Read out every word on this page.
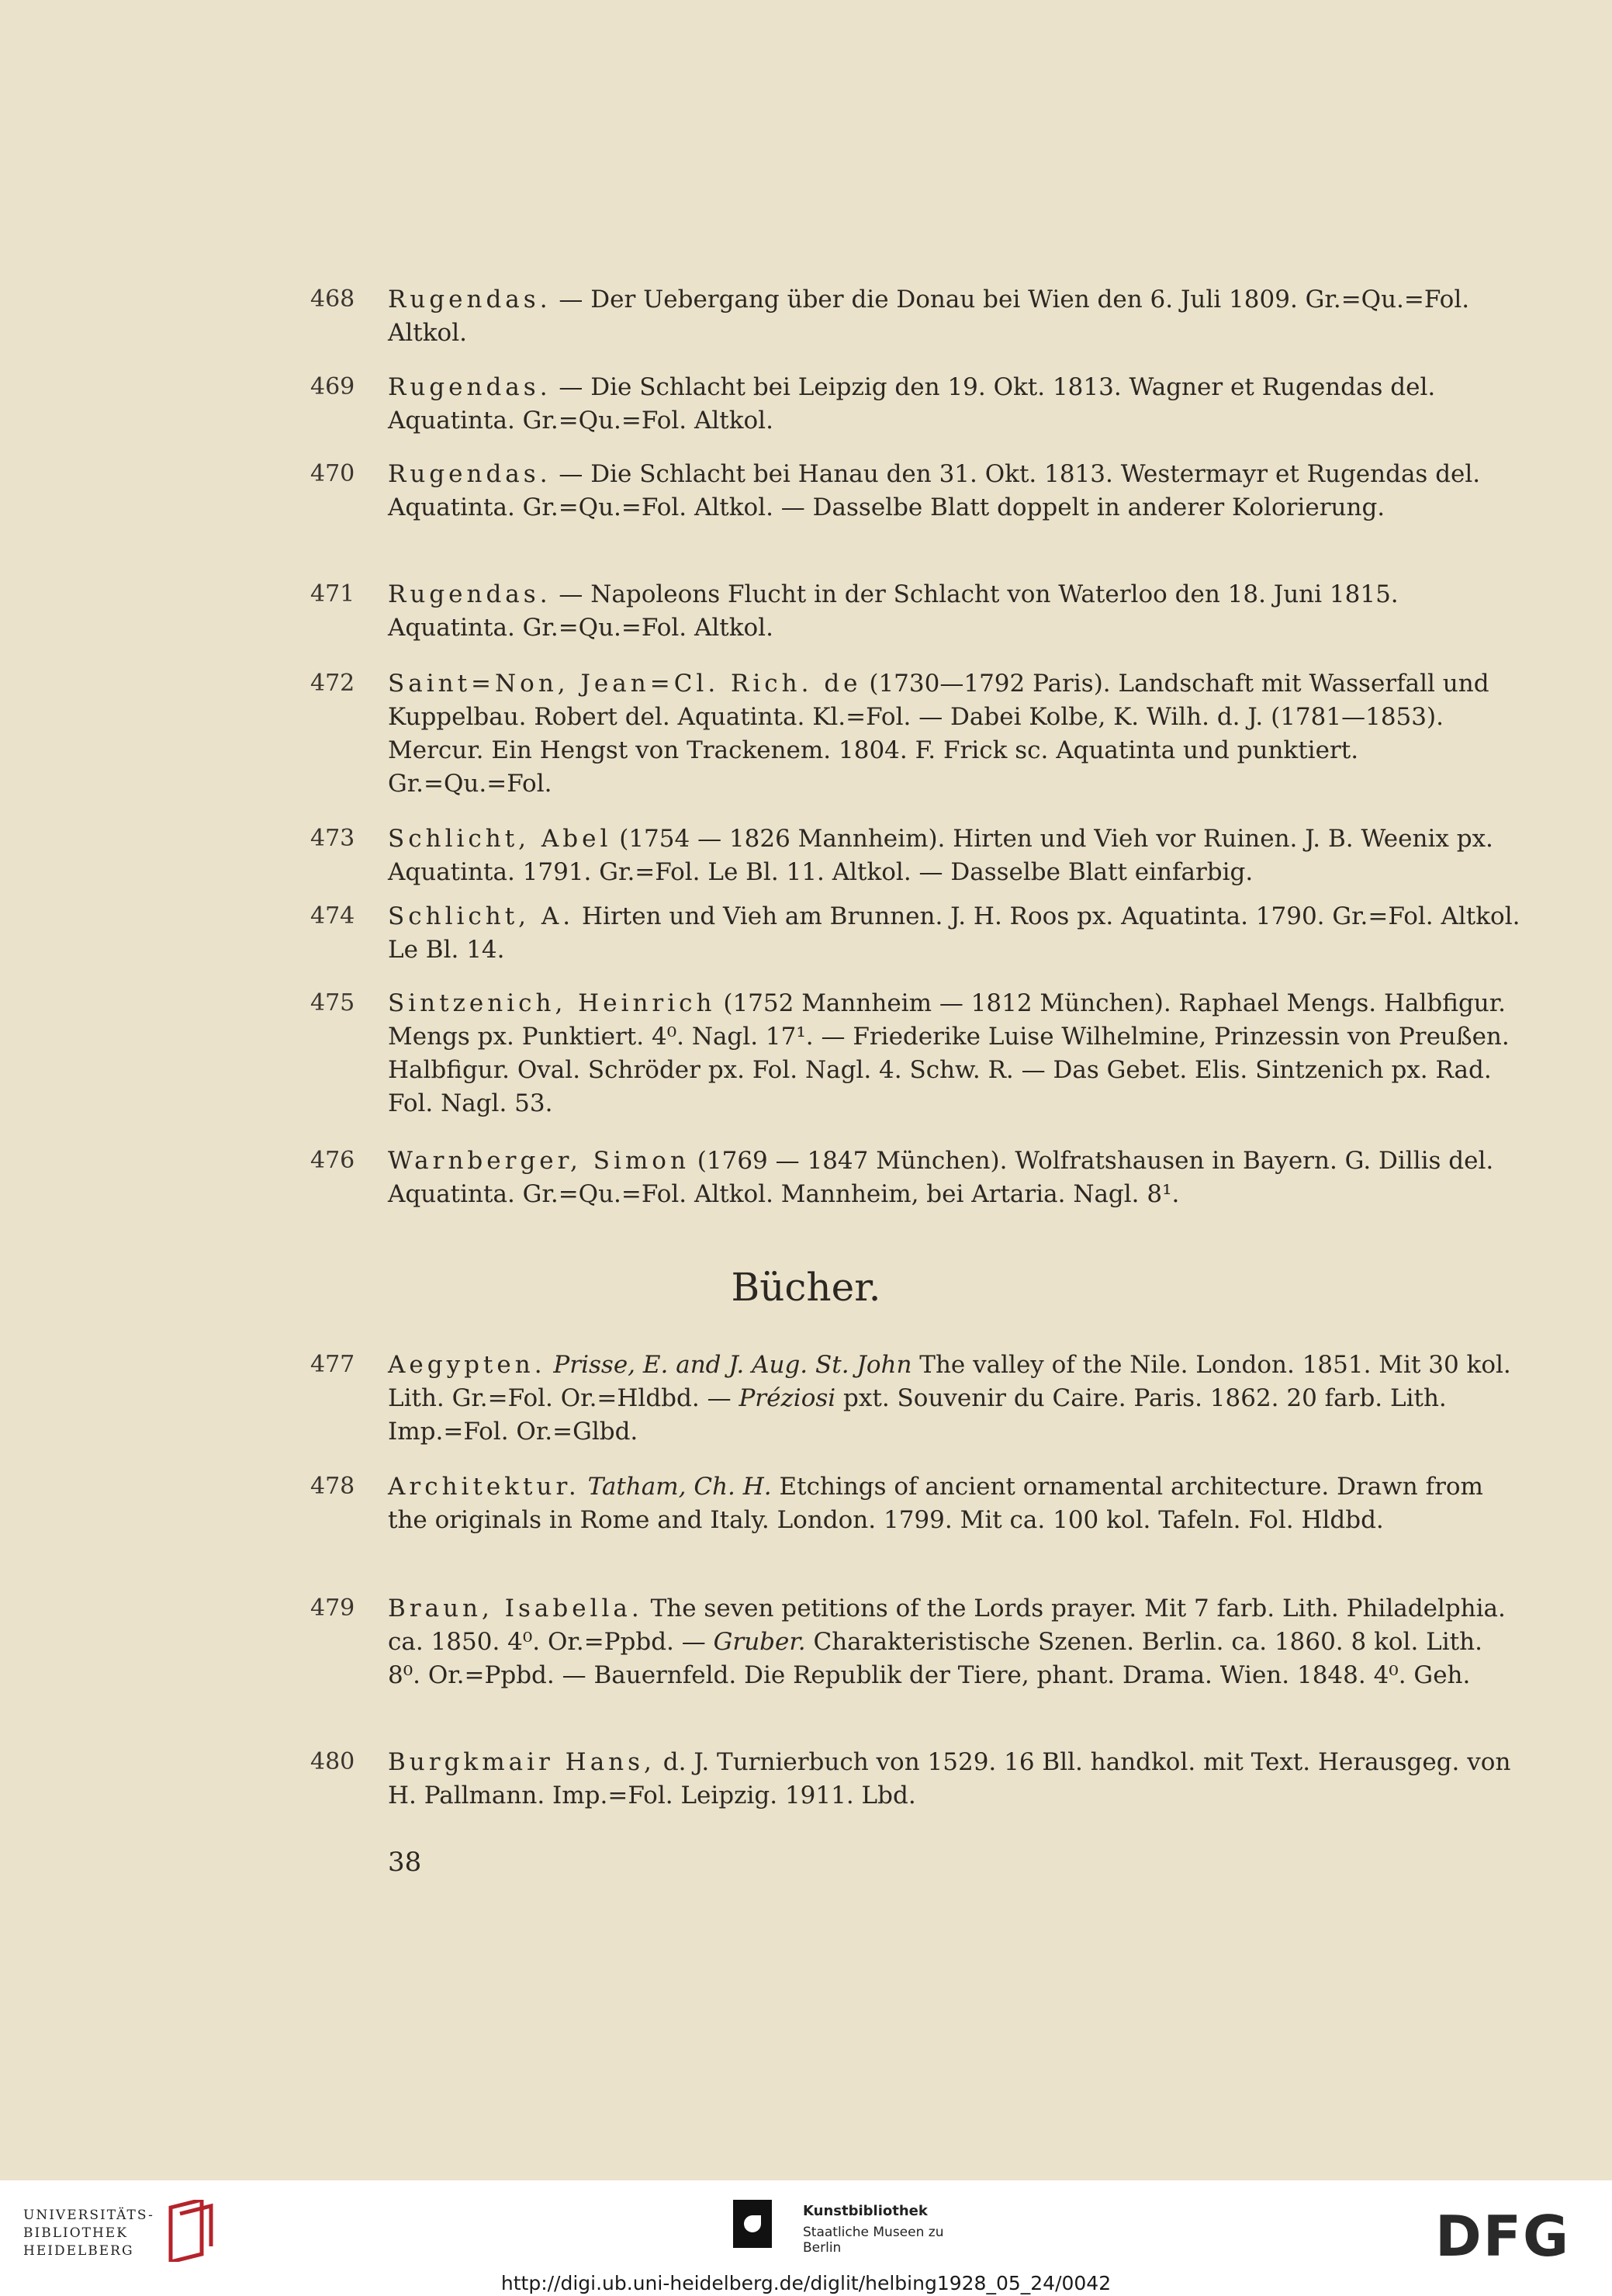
468	Rugendas. — Der Uebergang über die Donau bei Wien den 6. Juli 1809. Gr.=Qu.=Fol. Altkol.

469	Rugendas. — Die Schlacht bei Leipzig den 19. Okt. 1813. Wagner et Rugendas del. Aquatinta. Gr.=Qu.=Fol. Altkol.

470	Rugendas. — Die Schlacht bei Hanau den 31. Okt. 1813. Westermayr et Rugendas del. Aquatinta. Gr.=Qu.=Fol. Altkol. — Dasselbe Blatt doppelt in anderer Kolorierung.

471	Rugendas. — Napoleons Flucht in der Schlacht von Waterloo den 18. Juni 1815. Aquatinta. Gr.=Qu.=Fol. Altkol.

472	Saint=Non, Jean=Cl. Rich. de (1730—1792 Paris). Landschaft mit Wasserfall und Kuppelbau. Robert del. Aquatinta. Kl.=Fol. — Dabei Kolbe, K. Wilh. d. J. (1781—1853). Mercur. Ein Hengst von Trackenem. 1804. F. Frick sc. Aquatinta und punktiert. Gr.=Qu.=Fol.

473	Schlicht, Abel (1754 — 1826 Mannheim). Hirten und Vieh vor Ruinen. J. B. Weenix px. Aquatinta. 1791. Gr.=Fol. Le Bl. 11. Altkol. — Dasselbe Blatt einfarbig.

474	Schlicht, A. Hirten und Vieh am Brunnen. J. H. Roos px. Aquatinta. 1790. Gr.=Fol. Altkol. Le Bl. 14.

475	Sintzenich, Heinrich (1752 Mannheim — 1812 München). Raphael Mengs. Halbfigur. Mengs px. Punktiert. 4⁰. Nagl. 17¹. — Friederike Luise Wilhelmine, Prinzessin von Preußen. Halbfigur. Oval. Schröder px. Fol. Nagl. 4. Schw. R. — Das Gebet. Elis. Sintzenich px. Rad. Fol. Nagl. 53.

476	Warnberger, Simon (1769 — 1847 München). Wolfratshausen in Bayern. G. Dillis del. Aquatinta. Gr.=Qu.=Fol. Altkol. Mannheim, bei Artaria. Nagl. 8¹.

Bücher.
477	Aegypten. Prisse, E. and J. Aug. St. John The valley of the Nile. London. 1851. Mit 30 kol. Lith. Gr.=Fol. Or.=Hldbd. — Préziosi pxt. Souvenir du Caire. Paris. 1862. 20 farb. Lith. Imp.=Fol. Or.=Glbd.

478	Architektur. Tatham, Ch. H. Etchings of ancient ornamental architecture. Drawn from the originals in Rome and Italy. London. 1799. Mit ca. 100 kol. Tafeln. Fol. Hldbd.

479	Braun, Isabella. The seven petitions of the Lords prayer. Mit 7 farb. Lith. Philadelphia. ca. 1850. 4⁰. Or.=Ppbd. — Gruber. Charakteristische Szenen. Berlin. ca. 1860. 8 kol. Lith. 8⁰. Or.=Ppbd. — Bauernfeld. Die Republik der Tiere, phant. Drama. Wien. 1848. 4⁰. Geh.

480	Burgkmair Hans, d. J. Turnierbuch von 1529. 16 Bll. handkol. mit Text. Herausgeg. von H. Pallmann. Imp.=Fol. Leipzig. 1911. Lbd.

38
UNIVERSITÄTS-
BIBLIOTHEK
HEIDELBERG
Kunstbibliothek
Staatliche Museen zu Berlin	DFG
http://digi.ub.uni-heidelberg.de/diglit/helbing1928_05_24/0042
